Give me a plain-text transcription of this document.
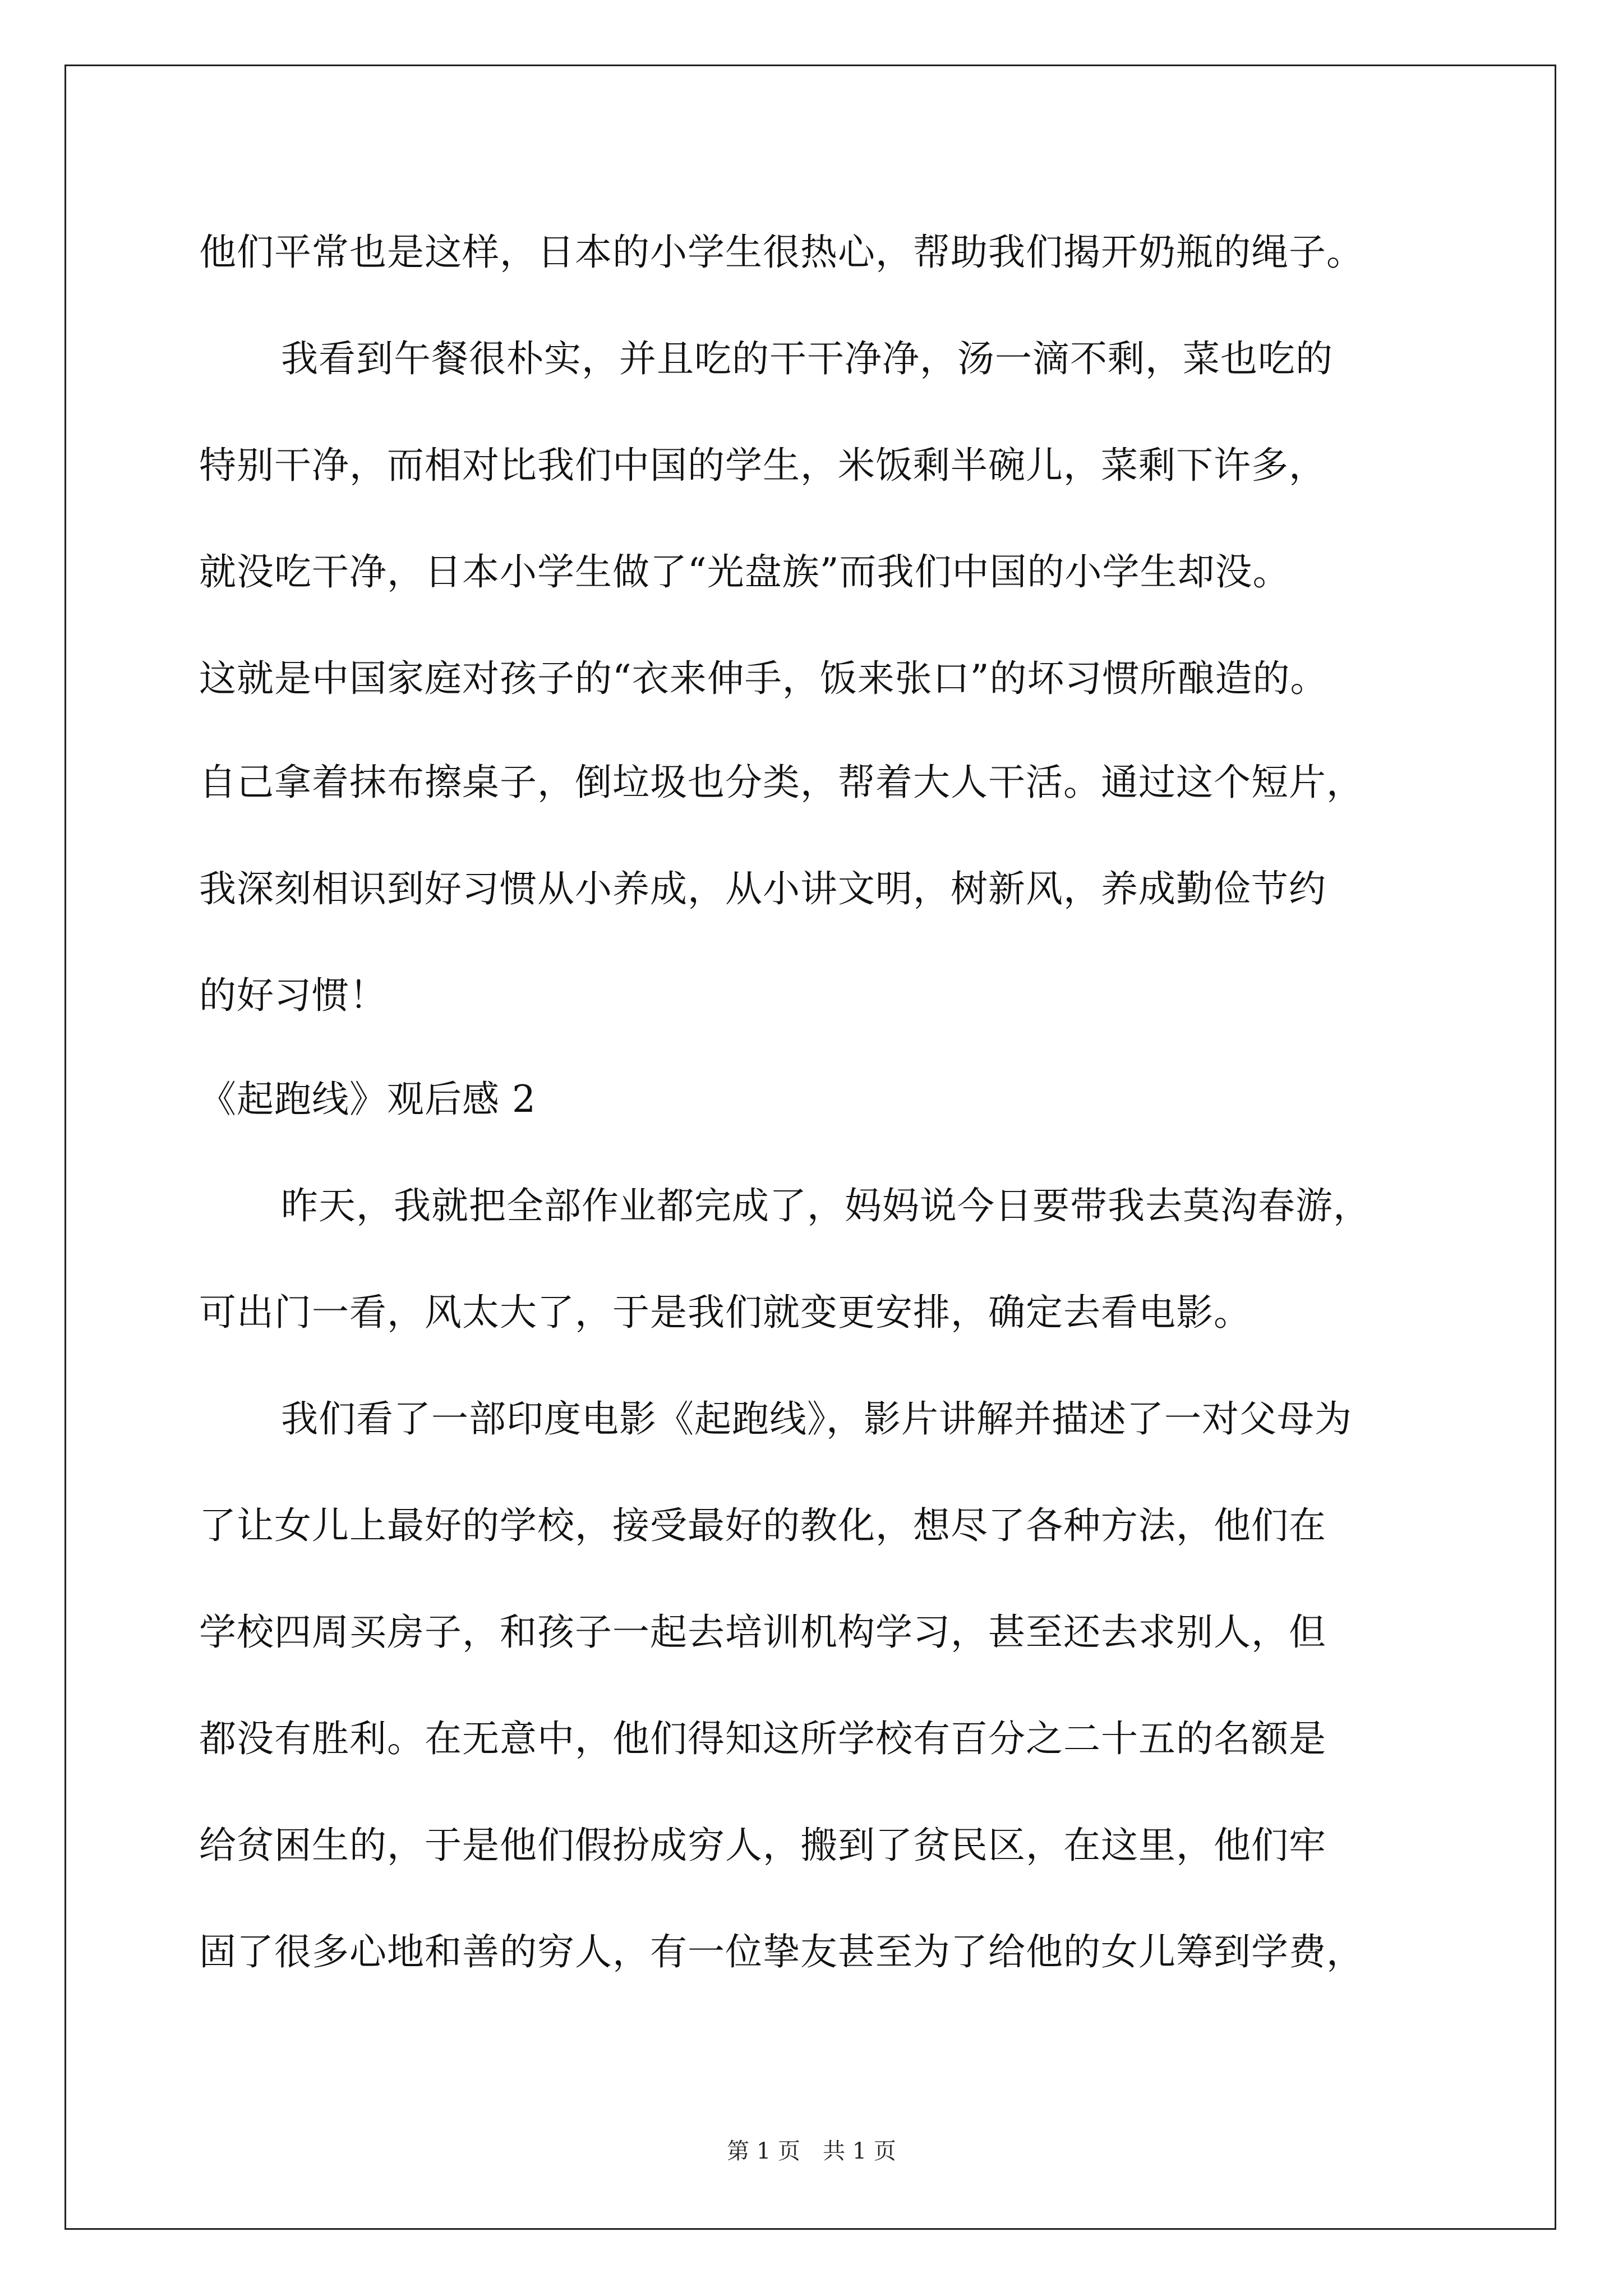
他们平常也是这样，日本的小学生很热心，帮助我们揭开奶瓶的绳子。
我看到午餐很朴实，并且吃的干干净净，汤一滴不剩，菜也吃的
特别干净，而相对比我们中国的学生，米饭剩半碗儿，菜剩下许多，
就没吃干净，日本小学生做了“光盘族”而我们中国的小学生却没。
这就是中国家庭对孩子的“衣来伸手，饭来张口”的坏习惯所酿造的。
自己拿着抹布擦桌子，倒垃圾也分类，帮着大人干活。通过这个短片，
我深刻相识到好习惯从小养成，从小讲文明，树新风，养成勤俭节约
的好习惯！
《起跑线》观后感 2
昨天，我就把全部作业都完成了，妈妈说今日要带我去莫沟春游，
可出门一看，风太大了，于是我们就变更安排，确定去看电影。
我们看了一部印度电影《起跑线》，影片讲解并描述了一对父母为
了让女儿上最好的学校，接受最好的教化，想尽了各种方法，他们在
学校四周买房子，和孩子一起去培训机构学习，甚至还去求别人，但
都没有胜利。在无意中，他们得知这所学校有百分之二十五的名额是
给贫困生的，于是他们假扮成穷人，搬到了贫民区，在这里，他们牢
固了很多心地和善的穷人，有一位挚友甚至为了给他的女儿筹到学费，
第 1 页　共 1 页
